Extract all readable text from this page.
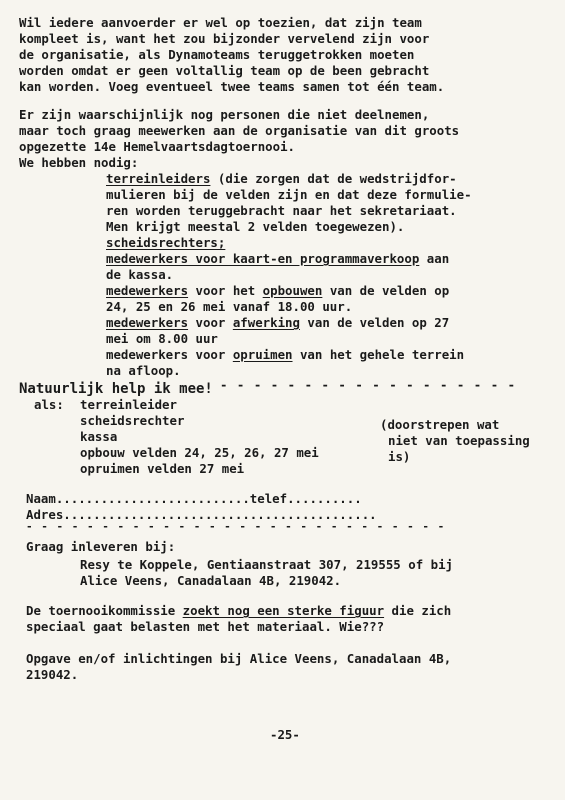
Wil iedere aanvoerder er wel op toezien, dat zijn team
kompleet is, want het zou bijzonder vervelend zijn voor
de organisatie, als Dynamoteams teruggetrokken moeten
worden omdat er geen voltallig team op de been gebracht
kan worden. Voeg eventueel twee teams samen tot één team.
Er zijn waarschijnlijk nog personen die niet deelnemen,
maar toch graag meewerken aan de organisatie van dit groots
opgezette 14e Hemelvaartsdagtoernooi.
We hebben nodig:
terreinleiders (die zorgen dat de wedstrijdfor-
mulieren bij de velden zijn en dat deze formulie-
ren worden teruggebracht naar het sekretariaat.
Men krijgt meestal 2 velden toegewezen).
scheidsrechters;
medewerkers voor kaart-en programmaverkoop aan
de kassa.
medewerkers voor het opbouwen van de velden op
24, 25 en 26 mei vanaf 18.00 uur.
medewerkers voor afwerking van de velden op 27
mei om 8.00 uur
medewerkers voor opruimen van het gehele terrein
na afloop.
- - - - - - - - - - - - - - - - - -
Natuurlijk help ik mee!
als: terreinleider
scheidsrechter
kassa
opbouw velden 24, 25, 26, 27 mei
opruimen velden 27 mei
(doorstrepen wat
niet van toepassing
is)
Naam..........................telef..........
Adres..........................................
- - - - - - - - - - - - - - - - - - - - - - - - - - - -
Graag inleveren bij:
Resy te Koppele, Gentiaanstraat 307, 219555 of bij
Alice Veens, Canadalaan 4B, 219042.
De toernooikommissie zoekt nog een sterke figuur die zich
speciaal gaat belasten met het materiaal. Wie???
Opgave en/of inlichtingen bij Alice Veens, Canadalaan 4B,
219042.
-25-
